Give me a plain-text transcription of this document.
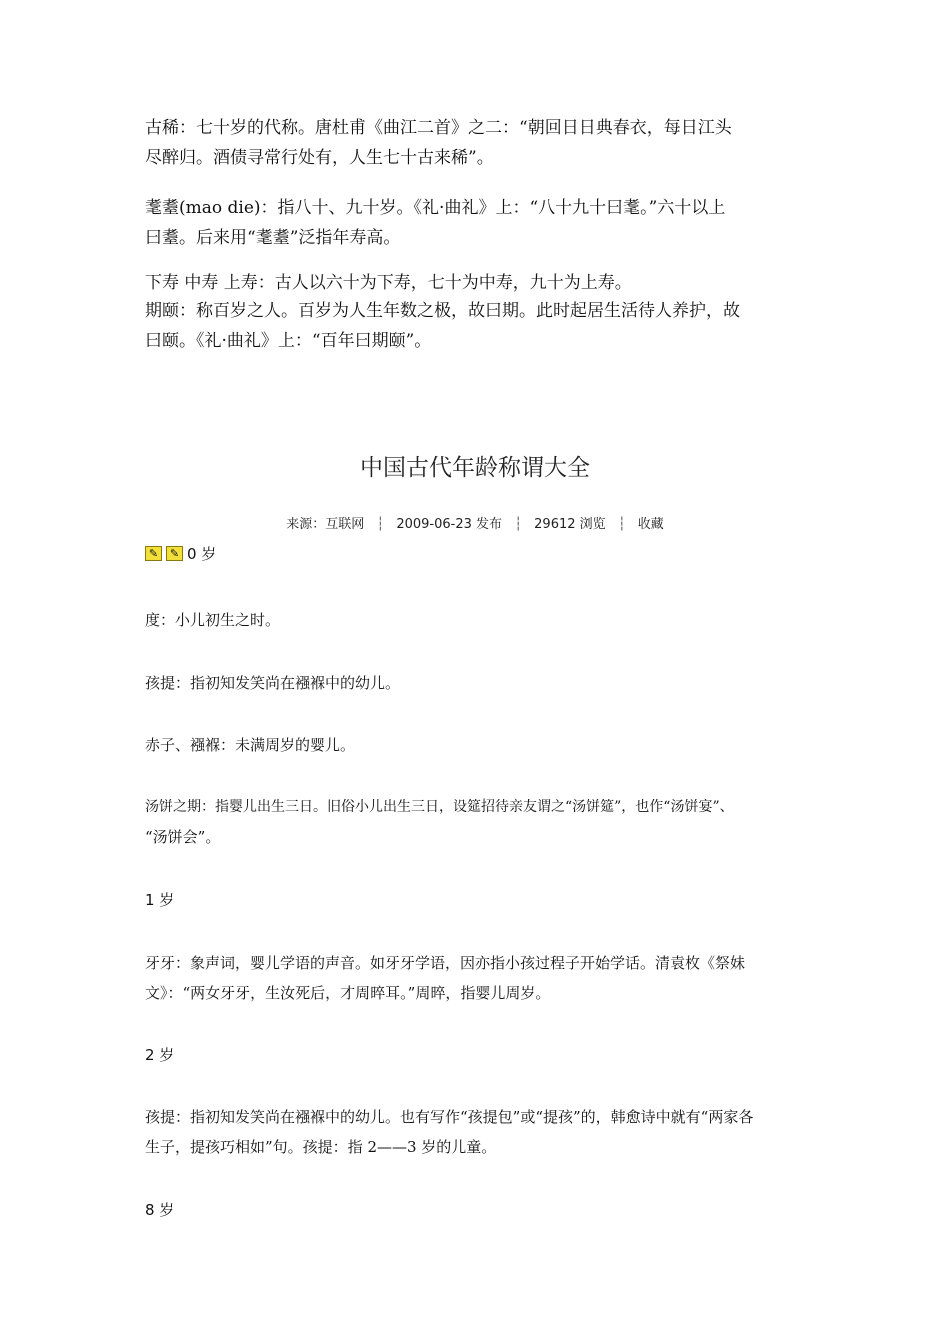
古稀：七十岁的代称。唐杜甫《曲江二首》之二：“朝回日日典春衣，每日江头
尽醉归。酒债寻常行处有，人生七十古来稀”。
耄耋(mao die)：指八十、九十岁。《礼·曲礼》上：“八十九十曰耄。”六十以上
曰耋。后来用“耄耋”泛指年寿高。
下寿 中寿 上寿：古人以六十为下寿，七十为中寿，九十为上寿。
期颐：称百岁之人。百岁为人生年数之极，故曰期。此时起居生活待人养护，故
曰颐。《礼·曲礼》上：“百年曰期颐”。
中国古代年龄称谓大全
来源：互联网 ┆ 2009-06-23 发布 ┆ 29612 浏览 ┆ 收藏
✎	✎ 0 岁
度：小儿初生之时。
孩提：指初知发笑尚在襁褓中的幼儿。
赤子、襁褓：未满周岁的婴儿。
汤饼之期：指婴儿出生三日。旧俗小儿出生三日，设筵招待亲友谓之“汤饼筵”，也作“汤饼宴”、
“汤饼会”。
1 岁
牙牙：象声词，婴儿学语的声音。如牙牙学语，因亦指小孩过程子开始学话。清袁枚《祭妹
文》：“两女牙牙，生汝死后，才周晬耳。”周晬，指婴儿周岁。
2 岁
孩提：指初知发笑尚在襁褓中的幼儿。也有写作“孩提包”或“提孩”的，韩愈诗中就有“两家各
生子，提孩巧相如”句。孩提：指 2——3 岁的儿童。
8 岁
